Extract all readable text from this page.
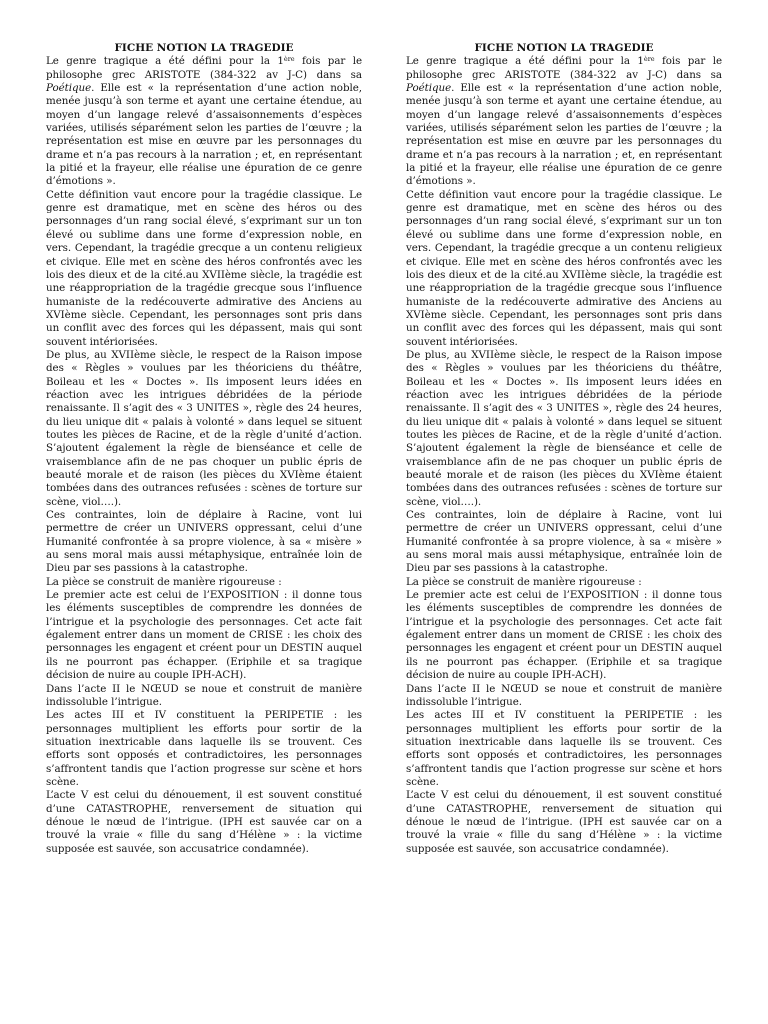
FICHE NOTION LA TRAGEDIE

Le genre tragique a été défini pour la 1ère fois par le philosophe grec ARISTOTE (384-322 av J-C) dans sa Poétique. Elle est « la représentation d’une action noble, menée jusqu’à son terme et ayant une certaine étendue, au moyen d’un langage relevé d’assaisonnements d’espèces variées, utilisés séparément selon les parties de l’œuvre ; la représentation est mise en œuvre par les personnages du drame et n’a pas recours à la narration ; et, en représentant la pitié et la frayeur, elle réalise une épuration de ce genre d’émotions ».

Cette définition vaut encore pour la tragédie classique. Le genre est dramatique, met en scène des héros ou des personnages d’un rang social élevé, s’exprimant sur un ton élevé ou sublime dans une forme d’expression noble, en vers. Cependant, la tragédie grecque a un contenu religieux et civique. Elle met en scène des héros confrontés avec les lois des dieux et de la cité.au XVIIème siècle, la tragédie est une réappropriation de la tragédie grecque sous l’influence humaniste de la redécouverte admirative des Anciens au XVIème siècle. Cependant, les personnages sont pris dans un conflit avec des forces qui les dépassent, mais qui sont souvent intériorisées.

De plus, au XVIIème siècle, le respect de la Raison impose des « Règles » voulues par les théoriciens du théâtre, Boileau et les « Doctes ». Ils imposent leurs idées en réaction avec les intrigues débridées de la période renaissante. Il s’agit des « 3 UNITES », règle des 24 heures, du lieu unique dit « palais à volonté » dans lequel se situent toutes les pièces de Racine, et de la règle d’unité d’action. S’ajoutent également la règle de bienséance et celle de vraisemblance afin de ne pas choquer un public épris de beauté morale et de raison (les pièces du XVIème étaient tombées dans des outrances refusées : scènes de torture sur scène, viol….).

Ces contraintes, loin de déplaire à Racine, vont lui permettre de créer un UNIVERS oppressant, celui d’une Humanité confrontée à sa propre violence, à sa « misère » au sens moral mais aussi métaphysique, entraînée loin de Dieu par ses passions à la catastrophe.

La pièce se construit de manière rigoureuse :

Le premier acte est celui de l’EXPOSITION : il donne tous les éléments susceptibles de comprendre les données de l’intrigue et la psychologie des personnages. Cet acte fait également entrer dans un moment de CRISE : les choix des personnages les engagent et créent pour un DESTIN auquel ils ne pourront pas échapper. (Eriphile et sa tragique décision de nuire au couple IPH-ACH).

Dans l’acte II le NŒUD se noue et construit de manière indissoluble l’intrigue.

Les actes III et IV constituent la PERIPETIE : les personnages multiplient les efforts pour sortir de la situation inextricable dans laquelle ils se trouvent. Ces efforts sont opposés et contradictoires, les personnages s’affrontent tandis que l’action progresse sur scène et hors scène.

L’acte V est celui du dénouement, il est souvent constitué d’une CATASTROPHE, renversement de situation qui dénoue le nœud de l’intrigue. (IPH est sauvée car on a trouvé la vraie « fille du sang d’Hélène » : la victime supposée est sauvée, son accusatrice condamnée).

FICHE NOTION LA TRAGEDIE

Le genre tragique a été défini pour la 1ère fois par le philosophe grec ARISTOTE (384-322 av J-C) dans sa Poétique. Elle est « la représentation d’une action noble, menée jusqu’à son terme et ayant une certaine étendue, au moyen d’un langage relevé d’assaisonnements d’espèces variées, utilisés séparément selon les parties de l’œuvre ; la représentation est mise en œuvre par les personnages du drame et n’a pas recours à la narration ; et, en représentant la pitié et la frayeur, elle réalise une épuration de ce genre d’émotions ».

Cette définition vaut encore pour la tragédie classique. Le genre est dramatique, met en scène des héros ou des personnages d’un rang social élevé, s’exprimant sur un ton élevé ou sublime dans une forme d’expression noble, en vers. Cependant, la tragédie grecque a un contenu religieux et civique. Elle met en scène des héros confrontés avec les lois des dieux et de la cité.au XVIIème siècle, la tragédie est une réappropriation de la tragédie grecque sous l’influence humaniste de la redécouverte admirative des Anciens au XVIème siècle. Cependant, les personnages sont pris dans un conflit avec des forces qui les dépassent, mais qui sont souvent intériorisées.

De plus, au XVIIème siècle, le respect de la Raison impose des « Règles » voulues par les théoriciens du théâtre, Boileau et les « Doctes ». Ils imposent leurs idées en réaction avec les intrigues débridées de la période renaissante. Il s’agit des « 3 UNITES », règle des 24 heures, du lieu unique dit « palais à volonté » dans lequel se situent toutes les pièces de Racine, et de la règle d’unité d’action. S’ajoutent également la règle de bienséance et celle de vraisemblance afin de ne pas choquer un public épris de beauté morale et de raison (les pièces du XVIème étaient tombées dans des outrances refusées : scènes de torture sur scène, viol….).

Ces contraintes, loin de déplaire à Racine, vont lui permettre de créer un UNIVERS oppressant, celui d’une Humanité confrontée à sa propre violence, à sa « misère » au sens moral mais aussi métaphysique, entraînée loin de Dieu par ses passions à la catastrophe.

La pièce se construit de manière rigoureuse :

Le premier acte est celui de l’EXPOSITION : il donne tous les éléments susceptibles de comprendre les données de l’intrigue et la psychologie des personnages. Cet acte fait également entrer dans un moment de CRISE : les choix des personnages les engagent et créent pour un DESTIN auquel ils ne pourront pas échapper. (Eriphile et sa tragique décision de nuire au couple IPH-ACH).

Dans l’acte II le NŒUD se noue et construit de manière indissoluble l’intrigue.

Les actes III et IV constituent la PERIPETIE : les personnages multiplient les efforts pour sortir de la situation inextricable dans laquelle ils se trouvent. Ces efforts sont opposés et contradictoires, les personnages s’affrontent tandis que l’action progresse sur scène et hors scène.

L’acte V est celui du dénouement, il est souvent constitué d’une CATASTROPHE, renversement de situation qui dénoue le nœud de l’intrigue. (IPH est sauvée car on a trouvé la vraie « fille du sang d’Hélène » : la victime supposée est sauvée, son accusatrice condamnée).
